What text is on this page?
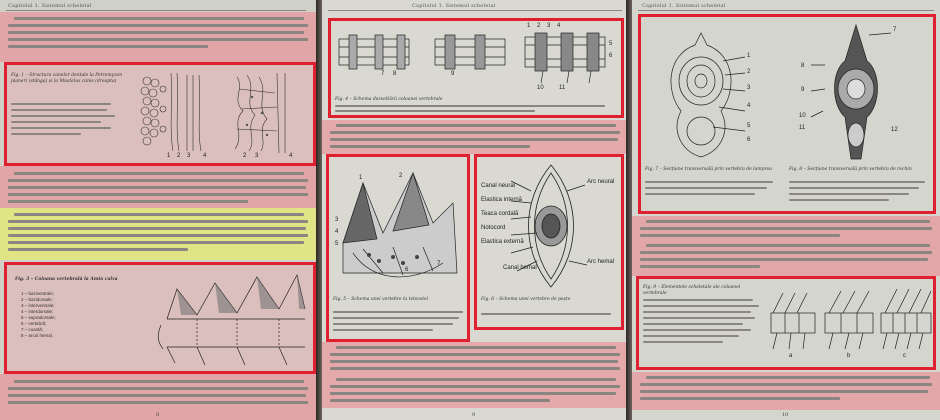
Capitolul 1. Sistemul scheletal
Fig. 1 – Structura canelor dentale la Petromyzon planeri (stânga) și la Mustelus canis (dreapta)
1 2 3 4	2 3	4
Fig. 3 – Coloana vertebrală la Amia calva
1 – baziventrale;
2 – bazidorsale;
3 – interventrale;
4 – interdorsale;
5 – supradorsale;
6 – vertebră;
7 – coastă;
8 – arcul hemal.
8
Capitolul 1. Sistemul scheletal
1 2 3 4
5
6
7 8	9
10	11
Fig. 4 – Schema dezvoltării coloanei vertebrale
1	2
3
4
5
6
7
Fig. 5 – Schema unei vertebre la teleostei
Canal neural
Elastica internă
Teaca cordală
Notocord
Elastica externă
Canal hemal
Arc neural
Arc hemal
Fig. 6 – Schema unei vertebre de pește
9
Capitolul 1. Sistemul scheletal
1
2
3
4
5
6
7
8
9
10
11	12
Fig. 7 – Secțiune transversală prin vertebra de lamprea	Fig. 8 – Secțiune transversală prin vertebra de rechin
Fig. 9 – Elementele scheletale ale coloanei vertebrale
a	b	c
10
